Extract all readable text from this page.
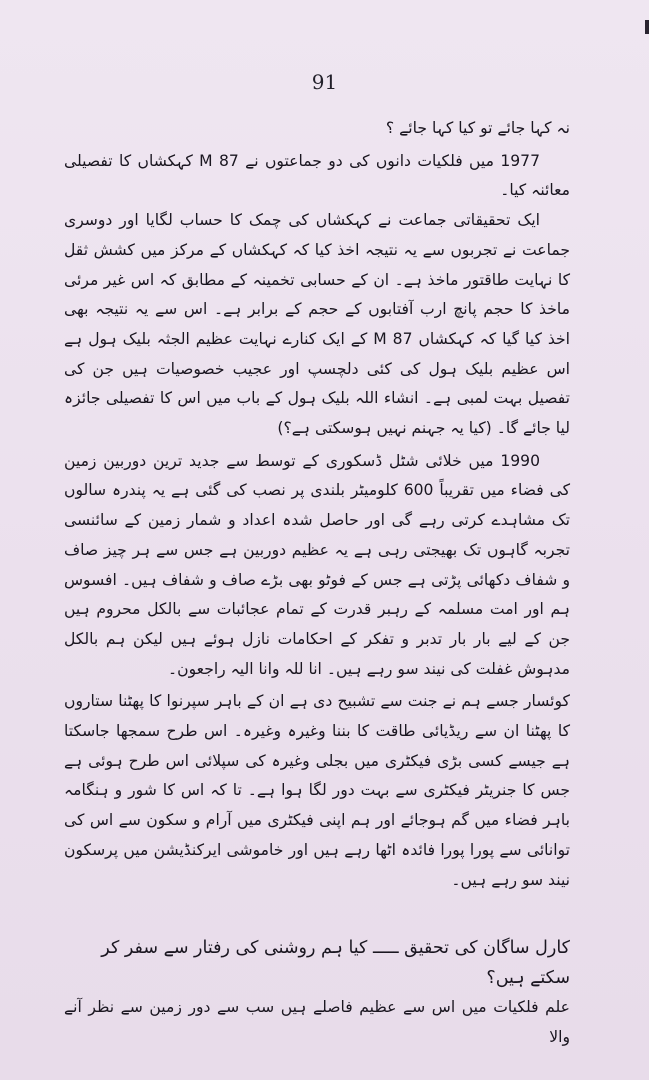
91

نہ کہا جائے تو کیا کہا جائے ؟

1977 میں فلکیات دانوں کی دو جماعتوں نے M 87 کہکشاں کا تفصیلی معائنہ کیا۔

ایک تحقیقاتی جماعت نے کہکشاں کی چمک کا حساب لگایا اور دوسری جماعت نے تجربوں سے یہ نتیجہ اخذ کیا کہ کہکشاں کے مرکز میں کشش ثقل کا نہایت طاقتور ماخذ ہے۔ ان کے حسابی تخمینہ کے مطابق کہ اس غیر مرئی ماخذ کا حجم پانچ ارب آفتابوں کے حجم کے برابر ہے۔ اس سے یہ نتیجہ بھی اخذ کیا گیا کہ کہکشاں M 87 کے ایک کنارے نہایت عظیم الجثہ بلیک ہول ہے اس عظیم بلیک ہول کی کئی دلچسپ اور عجیب خصوصیات ہیں جن کی تفصیل بہت لمبی ہے۔ انشاء اللہ بلیک ہول کے باب میں اس کا تفصیلی جائزہ لیا جائے گا۔ (کیا یہ جہنم نہیں ہوسکتی ہے؟)

1990 میں خلائی شٹل ڈسکوری کے توسط سے جدید ترین دوربین زمین کی فضاء میں تقریباً 600 کلومیٹر بلندی پر نصب کی گئی ہے یہ پندرہ سالوں تک مشاہدے کرتی رہے گی اور حاصل شدہ اعداد و شمار زمین کے سائنسی تجربہ گاہوں تک بھیجتی رہی ہے یہ عظیم دوربین ہے جس سے ہر چیز صاف و شفاف دکھائی پڑتی ہے جس کے فوٹو بھی بڑے صاف و شفاف ہیں۔ افسوس ہم اور امت مسلمہ کے رہبر قدرت کے تمام عجائبات سے بالکل محروم ہیں جن کے لیے بار بار تدبر و تفکر کے احکامات نازل ہوئے ہیں لیکن ہم بالکل مدہوش غفلت کی نیند سو رہے ہیں۔ انا للہ وانا الیہ راجعون۔

کوئسار جسے ہم نے جنت سے تشبیح دی ہے ان کے باہر سپرنوا کا پھٹنا ستاروں کا پھٹنا ان سے ریڈیائی طاقت کا بننا وغیرہ وغیرہ۔ اس طرح سمجھا جاسکتا ہے جیسے کسی بڑی فیکٹری میں بجلی وغیرہ کی سپلائی اس طرح ہوئی ہے جس کا جنریٹر فیکٹری سے بہت دور لگا ہوا ہے۔ تا کہ اس کا شور و ہنگامہ باہر فضاء میں گم ہوجائے اور ہم اپنی فیکٹری میں آرام و سکون سے اس کی توانائی سے پورا پورا فائدہ اٹھا رہے ہیں اور خاموشی ایرکنڈیشن میں پرسکون نیند سو رہے ہیں۔

کارل ساگان کی تحقیق ـــــ کیا ہم روشنی کی رفتار سے سفر کر سکتے ہیں؟

علم فلکیات میں اس سے عظیم فاصلے ہیں سب سے دور زمین سے نظر آنے والا
